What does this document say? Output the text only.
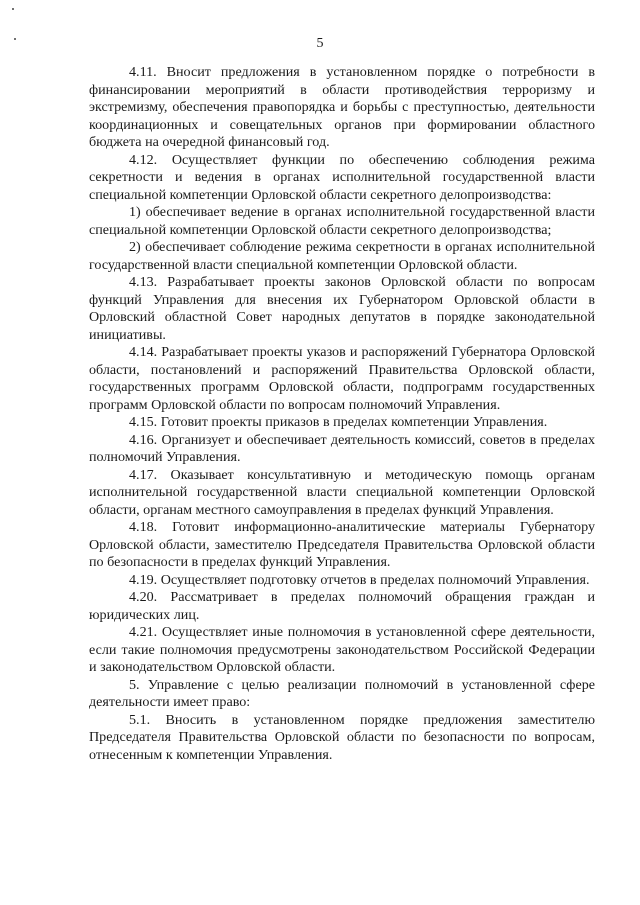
5

4.11. Вносит предложения в установленном порядке о потребности в финансировании мероприятий в области противодействия терроризму и экстремизму, обеспечения правопорядка и борьбы с преступностью, деятельности координационных и совещательных органов при формировании областного бюджета на очередной финансовый год.

4.12. Осуществляет функции по обеспечению соблюдения режима секретности и ведения в органах исполнительной государственной власти специальной компетенции Орловской области секретного делопроизводства:

1) обеспечивает ведение в органах исполнительной государственной власти специальной компетенции Орловской области секретного делопроизводства;

2) обеспечивает соблюдение режима секретности в органах исполнительной государственной власти специальной компетенции Орловской области.

4.13. Разрабатывает проекты законов Орловской области по вопросам функций Управления для внесения их Губернатором Орловской области в Орловский областной Совет народных депутатов в порядке законодательной инициативы.

4.14. Разрабатывает проекты указов и распоряжений Губернатора Орловской области, постановлений и распоряжений Правительства Орловской области, государственных программ Орловской области, подпрограмм государственных программ Орловской области по вопросам полномочий Управления.

4.15. Готовит проекты приказов в пределах компетенции Управления.

4.16. Организует и обеспечивает деятельность комиссий, советов в пределах полномочий Управления.

4.17. Оказывает консультативную и методическую помощь органам исполнительной государственной власти специальной компетенции Орловской области, органам местного самоуправления в пределах функций Управления.

4.18. Готовит информационно-аналитические материалы Губернатору Орловской области, заместителю Председателя Правительства Орловской области по безопасности в пределах функций Управления.

4.19. Осуществляет подготовку отчетов в пределах полномочий Управления.

4.20. Рассматривает в пределах полномочий обращения граждан и юридических лиц.

4.21. Осуществляет иные полномочия в установленной сфере деятельности, если такие полномочия предусмотрены законодательством Российской Федерации и законодательством Орловской области.

5. Управление с целью реализации полномочий в установленной сфере деятельности имеет право:

5.1. Вносить в установленном порядке предложения заместителю Председателя Правительства Орловской области по безопасности по вопросам, отнесенным к компетенции Управления.
